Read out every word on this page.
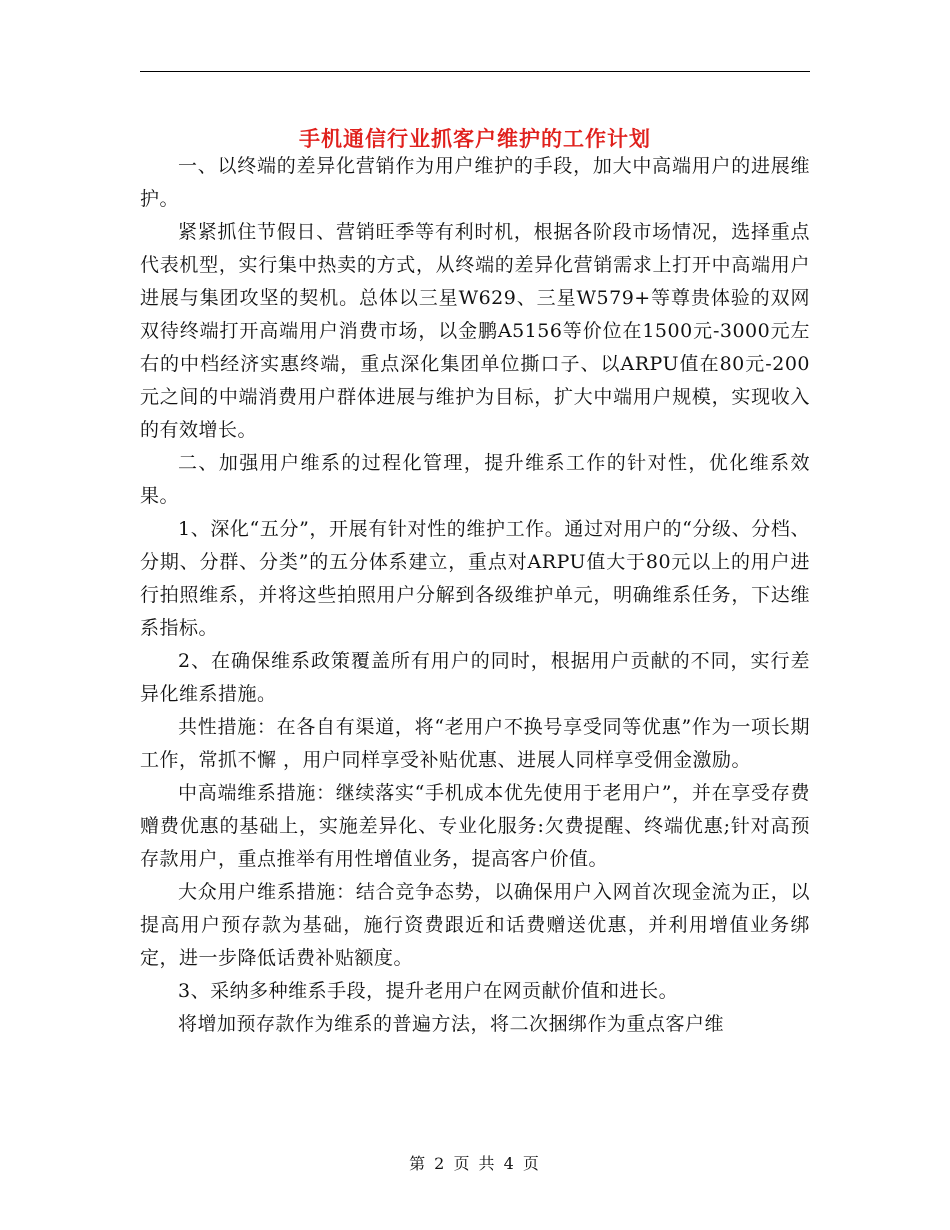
手机通信行业抓客户维护的工作计划

一、以终端的差异化营销作为用户维护的手段，加大中高端用户的进展维护。

紧紧抓住节假日、营销旺季等有利时机，根据各阶段市场情况，选择重点代表机型，实行集中热卖的方式，从终端的差异化营销需求上打开中高端用户进展与集团攻坚的契机。总体以三星W629、三星W579+等尊贵体验的双网双待终端打开高端用户消费市场，以金鹏A5156等价位在1500元-3000元左右的中档经济实惠终端，重点深化集团单位撕口子、以ARPU值在80元-200元之间的中端消费用户群体进展与维护为目标，扩大中端用户规模，实现收入的有效增长。

二、加强用户维系的过程化管理，提升维系工作的针对性，优化维系效果。

1、深化“五分”，开展有针对性的维护工作。通过对用户的“分级、分档、分期、分群、分类”的五分体系建立，重点对ARPU值大于80元以上的用户进行拍照维系，并将这些拍照用户分解到各级维护单元，明确维系任务，下达维系指标。

2、在确保维系政策覆盖所有用户的同时，根据用户贡献的不同，实行差异化维系措施。

共性措施：在各自有渠道，将“老用户不换号享受同等优惠”作为一项长期工作，常抓不懈 ，用户同样享受补贴优惠、进展人同样享受佣金激励。

中高端维系措施：继续落实“手机成本优先使用于老用户”，并在享受存费赠费优惠的基础上，实施差异化、专业化服务:欠费提醒、终端优惠;针对高预存款用户，重点推举有用性增值业务，提高客户价值。

大众用户维系措施：结合竞争态势，以确保用户入网首次现金流为正，以提高用户预存款为基础，施行资费跟近和话费赠送优惠，并利用增值业务绑定，进一步降低话费补贴额度。

3、采纳多种维系手段，提升老用户在网贡献价值和进长。

将增加预存款作为维系的普遍方法，将二次捆绑作为重点客户维

第 2 页 共 4 页
